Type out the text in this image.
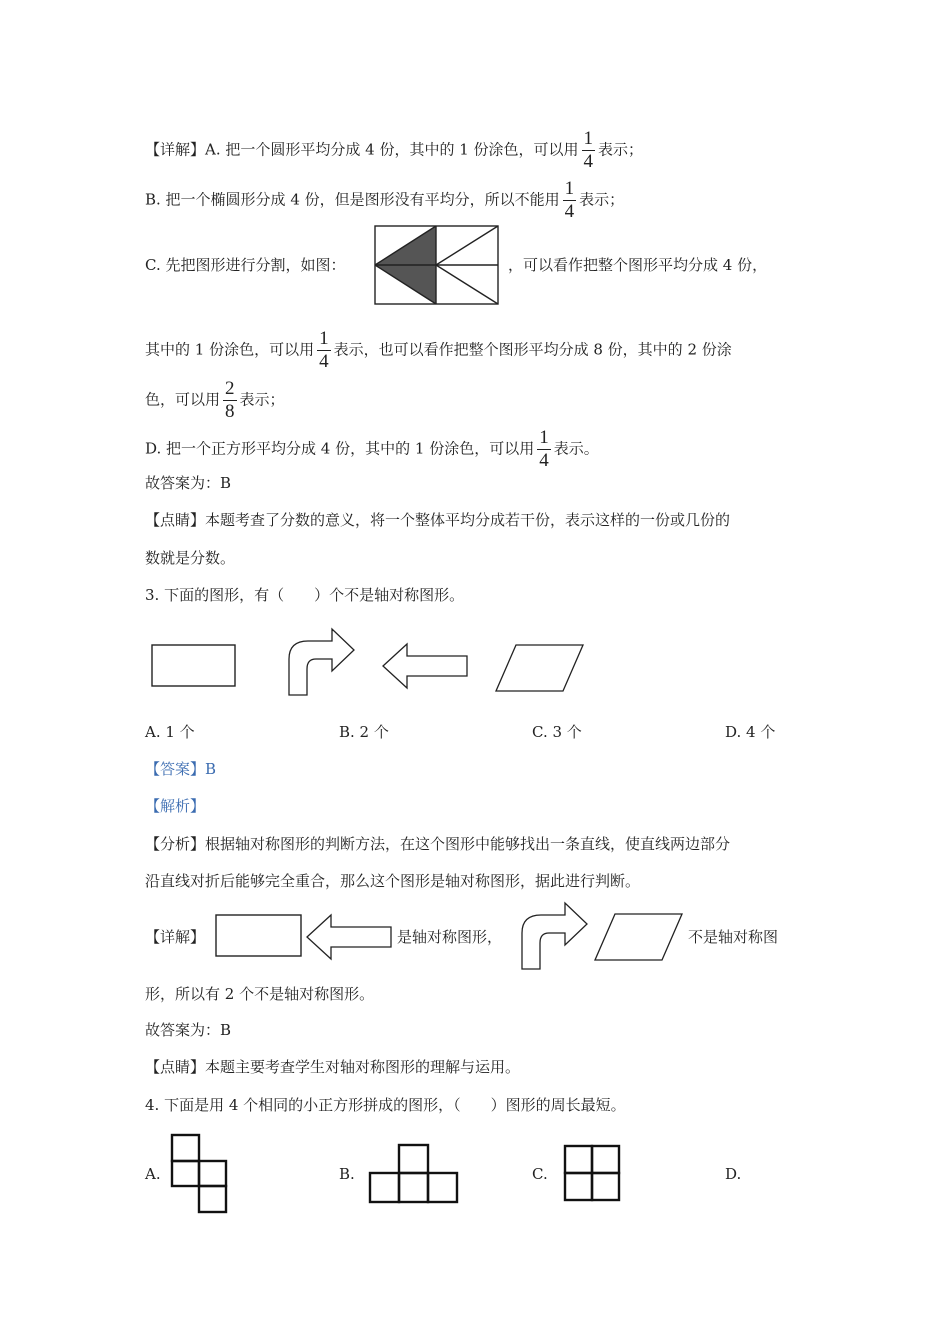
【详解】A. 把一个圆形平均分成 4 份，其中的 1 份涂色，可以用 $\frac{1}{4}$ 表示；
B. 把一个椭圆形分成 4 份，但是图形没有平均分，所以不能用 $\frac{1}{4}$ 表示；
C. 先把图形进行分割，如图：	，可以看作把整个图形平均分成 4 份，
其中的 1 份涂色，可以用 $\frac{1}{4}$ 表示，也可以看作把整个图形平均分成 8 份，其中的 2 份涂
色，可以用 $\frac{2}{8}$ 表示；
D. 把一个正方形平均分成 4 份，其中的 1 份涂色，可以用 $\frac{1}{4}$ 表示。
故答案为：B
【点睛】本题考查了分数的意义，将一个整体平均分成若干份，表示这样的一份或几份的
数就是分数。
3. 下面的图形，有（　　）个不是轴对称图形。
A. 1 个	B. 2 个	C. 3 个	D. 4 个
【答案】B
【解析】
【分析】根据轴对称图形的判断方法，在这个图形中能够找出一条直线，使直线两边部分
沿直线对折后能够完全重合，那么这个图形是轴对称图形，据此进行判断。
【详解】	是轴对称图形，	不是轴对称图
形，所以有 2 个不是轴对称图形。
故答案为：B
【点睛】本题主要考查学生对轴对称图形的理解与运用。
4. 下面是用 4 个相同的小正方形拼成的图形，（　　）图形的周长最短。
A.	B.	C.	D.
